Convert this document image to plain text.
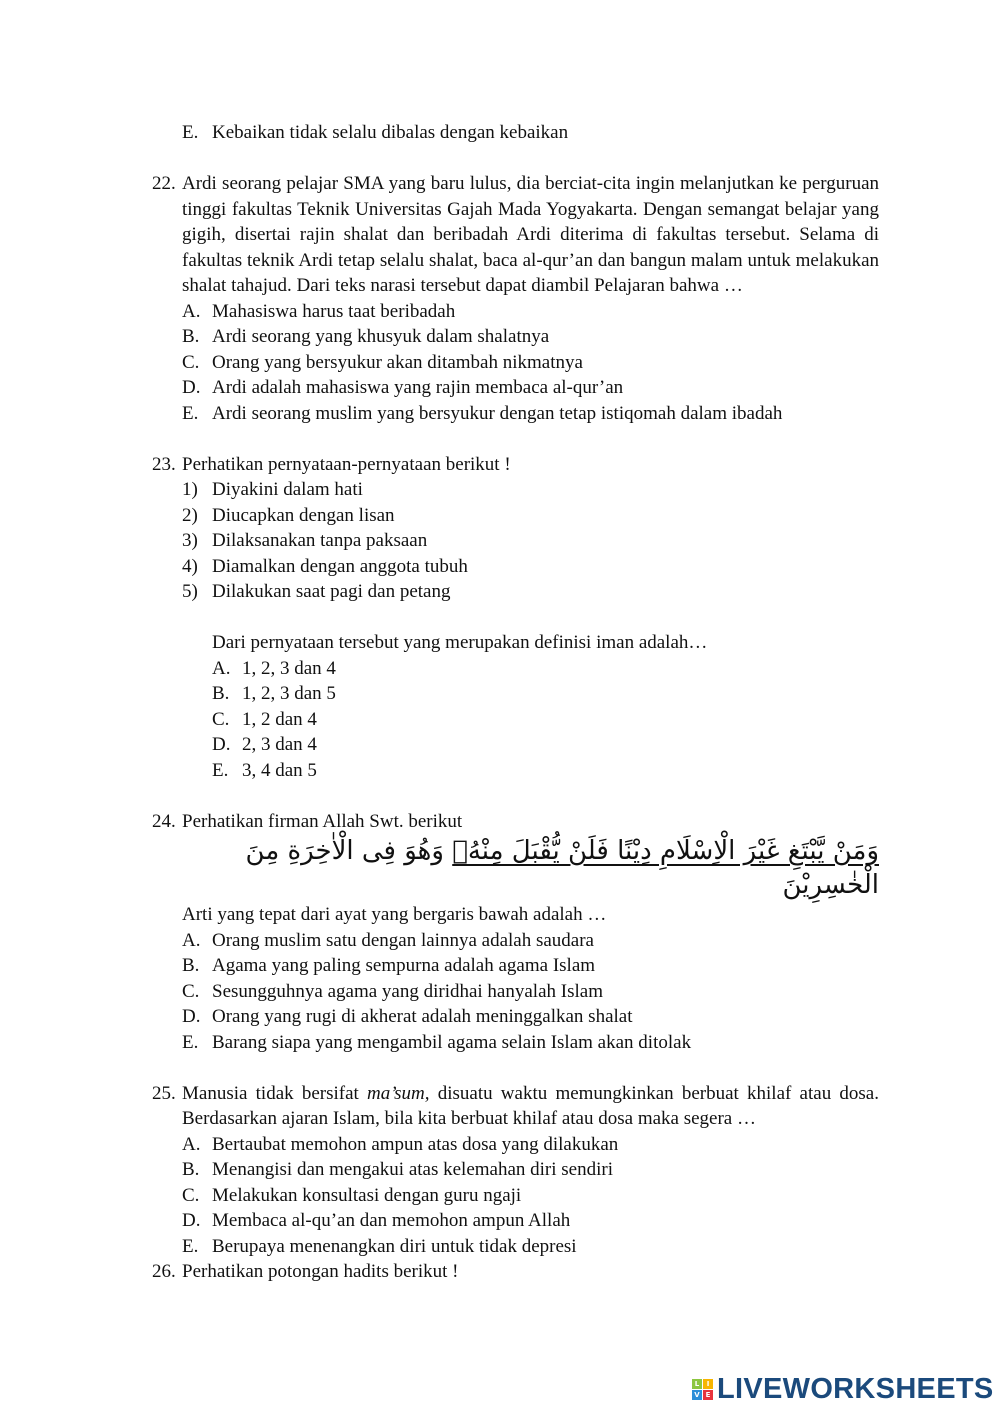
E. Kebaikan tidak selalu dibalas dengan kebaikan
22. Ardi seorang pelajar SMA yang baru lulus, dia berciat-cita ingin melanjutkan ke perguruan tinggi fakultas Teknik Universitas Gajah Mada Yogyakarta. Dengan semangat belajar yang gigih, disertai rajin shalat dan beribadah Ardi diterima di fakultas tersebut. Selama di fakultas teknik Ardi tetap selalu shalat, baca al-qur’an dan bangun malam untuk melakukan shalat tahajud. Dari teks narasi tersebut dapat diambil Pelajaran bahwa …
A. Mahasiswa harus taat beribadah
B. Ardi seorang yang khusyuk dalam shalatnya
C. Orang yang bersyukur akan ditambah nikmatnya
D. Ardi adalah mahasiswa yang rajin membaca al-qur’an
E. Ardi seorang muslim yang bersyukur dengan tetap istiqomah dalam ibadah
23. Perhatikan pernyataan-pernyataan berikut !
1) Diyakini dalam hati
2) Diucapkan dengan lisan
3) Dilaksanakan tanpa paksaan
4) Diamalkan dengan anggota tubuh
5) Dilakukan saat pagi dan petang
Dari pernyataan tersebut yang merupakan definisi iman adalah…
A. 1, 2, 3 dan 4
B. 1, 2, 3 dan 5
C. 1, 2 dan 4
D. 2, 3 dan 4
E. 3, 4 dan 5
24. Perhatikan firman Allah Swt. berikut
وَمَنْ يَّبْتَغِ غَيْرَ الْاِسْلَامِ دِيْنًا فَلَنْ يُّقْبَلَ مِنْهُۚ وَهُوَ فِى الْاٰخِرَةِ مِنَ الْخٰسِرِيْنَ
Arti yang tepat dari ayat yang bergaris bawah adalah …
A. Orang muslim satu dengan lainnya adalah saudara
B. Agama yang paling sempurna adalah agama Islam
C. Sesungguhnya agama yang diridhai hanyalah Islam
D. Orang yang rugi di akherat adalah meninggalkan shalat
E. Barang siapa yang mengambil agama selain Islam akan ditolak
25. Manusia tidak bersifat ma’sum, disuatu waktu memungkinkan berbuat khilaf atau dosa. Berdasarkan ajaran Islam, bila kita berbuat khilaf atau dosa maka segera …
A. Bertaubat memohon ampun atas dosa yang dilakukan
B. Menangisi dan mengakui atas kelemahan diri sendiri
C. Melakukan konsultasi dengan guru ngaji
D. Membaca al-qu’an dan memohon ampun Allah
E. Berupaya menenangkan diri untuk tidak depresi
26. Perhatikan potongan hadits berikut !
L	I
V E LIVEWORKSHEETS
